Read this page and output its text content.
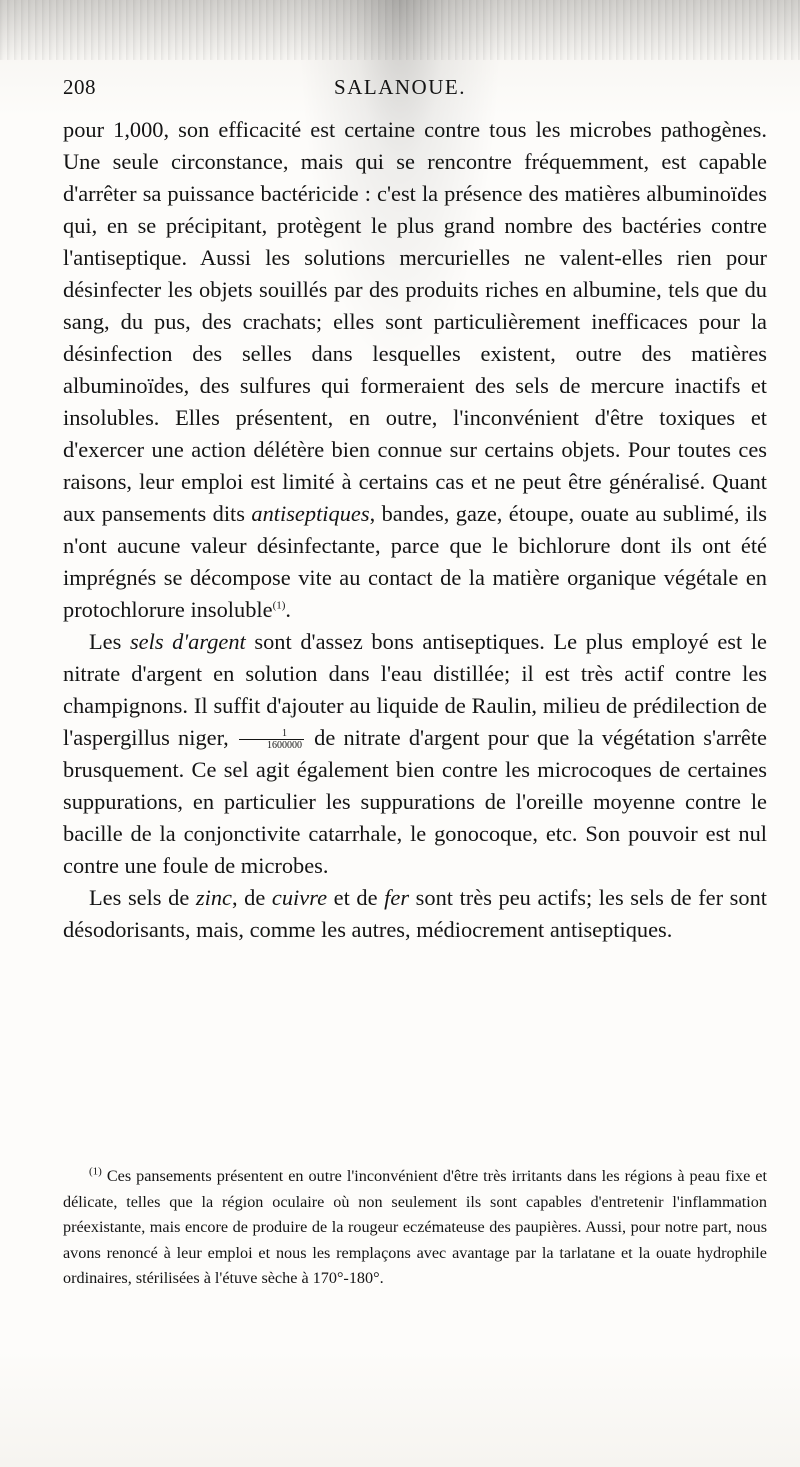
208	SALANOUE.

pour 1,000, son efficacité est certaine contre tous les microbes pathogènes. Une seule circonstance, mais qui se rencontre fréquemment, est capable d'arrêter sa puissance bactéricide : c'est la présence des matières albuminoïdes qui, en se précipitant, protègent le plus grand nombre des bactéries contre l'antiseptique. Aussi les solutions mercurielles ne valent-elles rien pour désinfecter les objets souillés par des produits riches en albumine, tels que du sang, du pus, des crachats; elles sont particulièrement inefficaces pour la désinfection des selles dans lesquelles existent, outre des matières albuminoïdes, des sulfures qui formeraient des sels de mercure inactifs et insolubles. Elles présentent, en outre, l'inconvénient d'être toxiques et d'exercer une action délétère bien connue sur certains objets. Pour toutes ces raisons, leur emploi est limité à certains cas et ne peut être généralisé. Quant aux pansements dits antiseptiques, bandes, gaze, étoupe, ouate au sublimé, ils n'ont aucune valeur désinfectante, parce que le bichlorure dont ils ont été imprégnés se décompose vite au contact de la matière organique végétale en protochlorure insoluble$^{(1)}$.

Les sels d'argent sont d'assez bons antiseptiques. Le plus employé est le nitrate d'argent en solution dans l'eau distillée; il est très actif contre les champignons. Il suffit d'ajouter au liquide de Raulin, milieu de prédilection de l'aspergillus niger, $\frac{1}{1600000}$ de nitrate d'argent pour que la végétation s'arrête brusquement. Ce sel agit également bien contre les microcoques de certaines suppurations, en particulier les suppurations de l'oreille moyenne contre le bacille de la conjonctivite catarrhale, le gonocoque, etc. Son pouvoir est nul contre une foule de microbes.

Les sels de zinc, de cuivre et de fer sont très peu actifs; les sels de fer sont désodorisants, mais, comme les autres, médiocrement antiseptiques.

$^{(1)}$ Ces pansements présentent en outre l'inconvénient d'être très irritants dans les régions à peau fixe et délicate, telles que la région oculaire où non seulement ils sont capables d'entretenir l'inflammation préexistante, mais encore de produire de la rougeur eczémateuse des paupières. Aussi, pour notre part, nous avons renoncé à leur emploi et nous les remplaçons avec avantage par la tarlatane et la ouate hydrophile ordinaires, stérilisées à l'étuve sèche à 170°-180°.
